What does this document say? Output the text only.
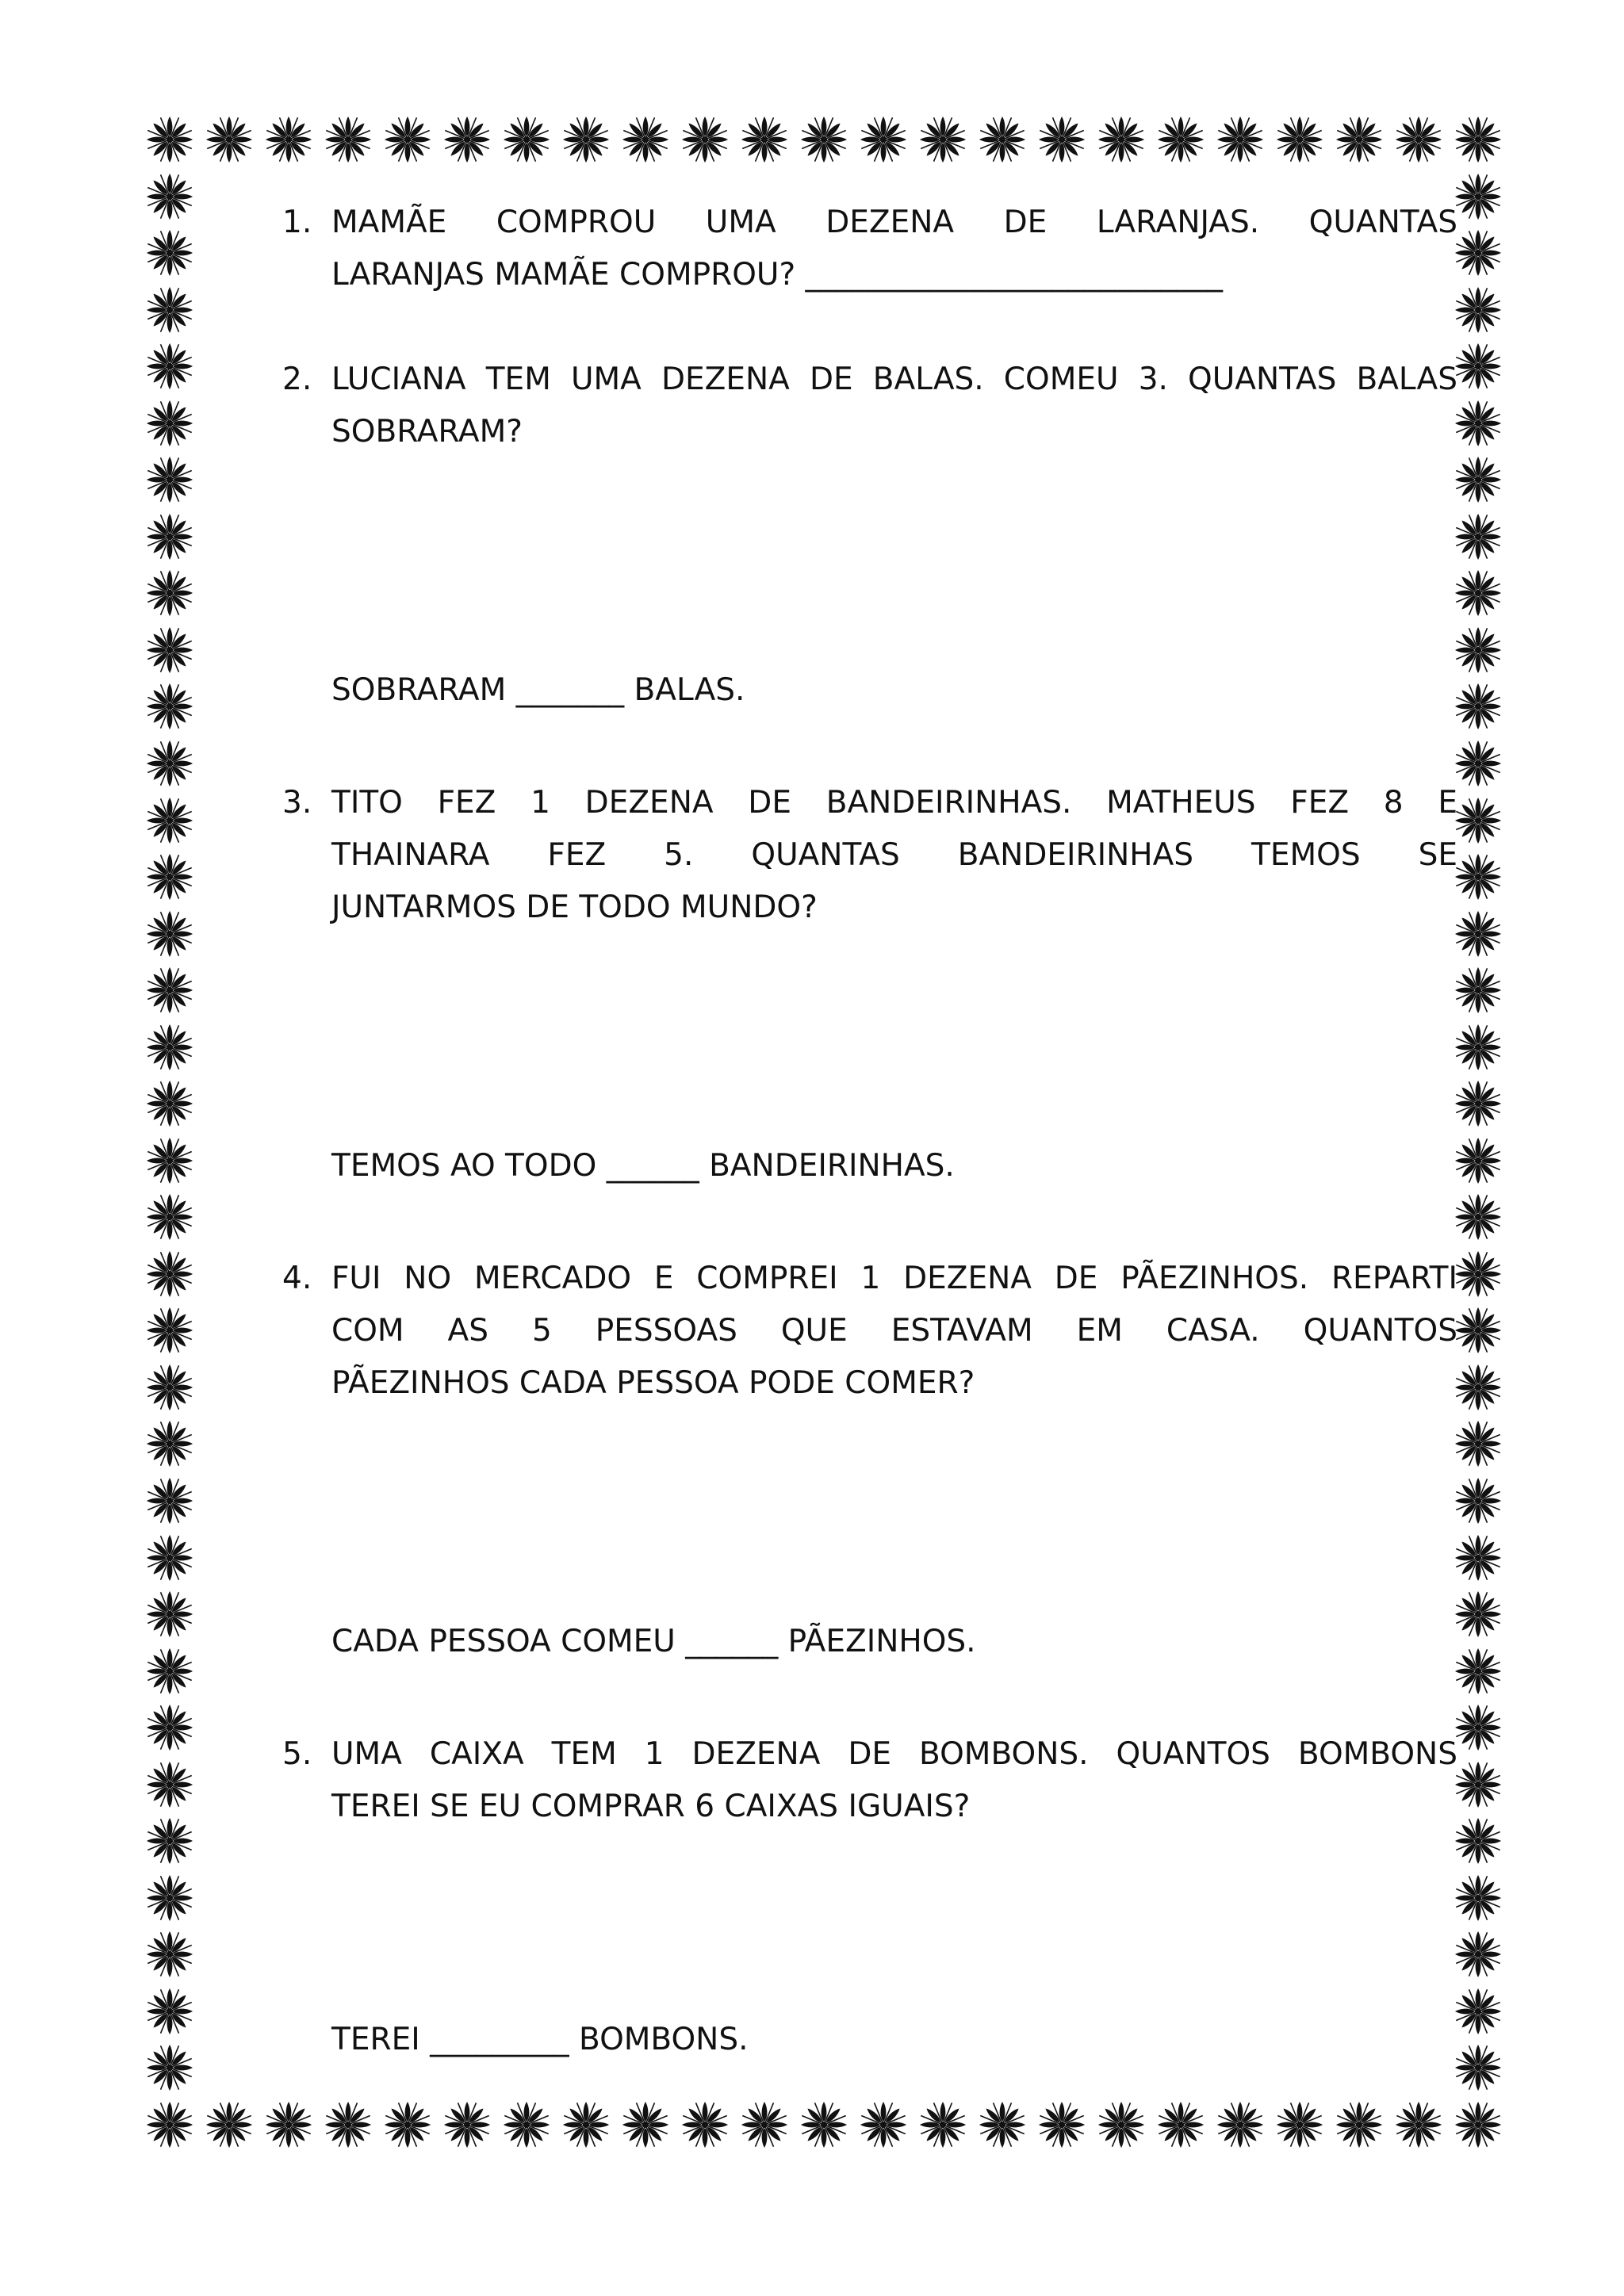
1. MAMÃE COMPROU UMA DEZENA DE LARANJAS. QUANTAS
LARANJAS MAMÃE COMPROU? ___________________________
2. LUCIANA TEM UMA DEZENA DE BALAS. COMEU 3. QUANTAS BALAS
SOBRARAM?
SOBRARAM _______ BALAS.
3. TITO FEZ 1 DEZENA DE BANDEIRINHAS. MATHEUS FEZ 8 E
THAINARA FEZ 5. QUANTAS BANDEIRINHAS TEMOS SE
JUNTARMOS DE TODO MUNDO?
TEMOS AO TODO ______ BANDEIRINHAS.
4. FUI NO MERCADO E COMPREI 1 DEZENA DE PÃEZINHOS. REPARTI
COM AS 5 PESSOAS QUE ESTAVAM EM CASA. QUANTOS
PÃEZINHOS CADA PESSOA PODE COMER?
CADA PESSOA COMEU ______ PÃEZINHOS.
5. UMA CAIXA TEM 1 DEZENA DE BOMBONS. QUANTOS BOMBONS
TEREI SE EU COMPRAR 6 CAIXAS IGUAIS?
TEREI _________ BOMBONS.
